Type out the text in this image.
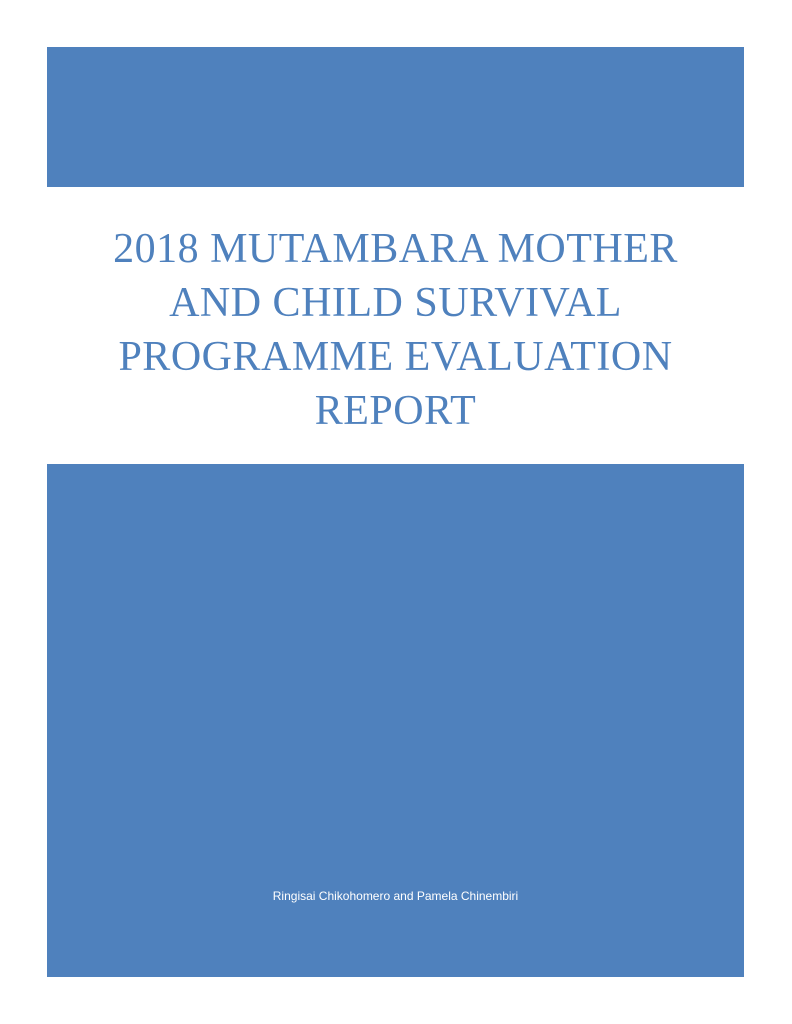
2018 MUTAMBARA MOTHER
AND CHILD SURVIVAL
PROGRAMME EVALUATION
REPORT
Ringisai Chikohomero and Pamela Chinembiri
